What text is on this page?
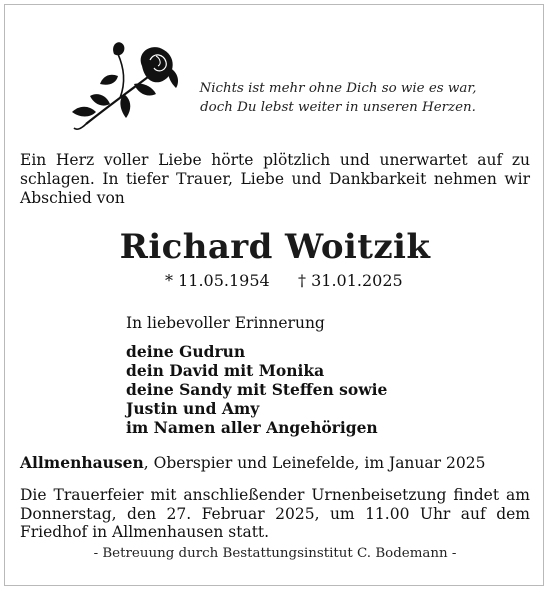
Nichts ist mehr ohne Dich so wie es war,
doch Du lebst weiter in unseren Herzen.
Ein Herz voller Liebe hörte plötzlich und unerwartet auf zu schlagen. In tiefer Trauer, Liebe und Dankbarkeit nehmen wir Abschied von
Richard Woitzik
* 11.05.1954 † 31.01.2025
In liebevoller Erinnerung
deine Gudrun
dein David mit Monika
deine Sandy mit Steffen sowie
Justin und Amy
im Namen aller Angehörigen
Allmenhausen, Oberspier und Leinefelde, im Januar 2025
Die Trauerfeier mit anschließender Urnenbeisetzung findet am Donnerstag, den 27. Februar 2025, um 11.00 Uhr auf dem Friedhof in Allmenhausen statt.
- Betreuung durch Bestattungsinstitut C. Bodemann -
